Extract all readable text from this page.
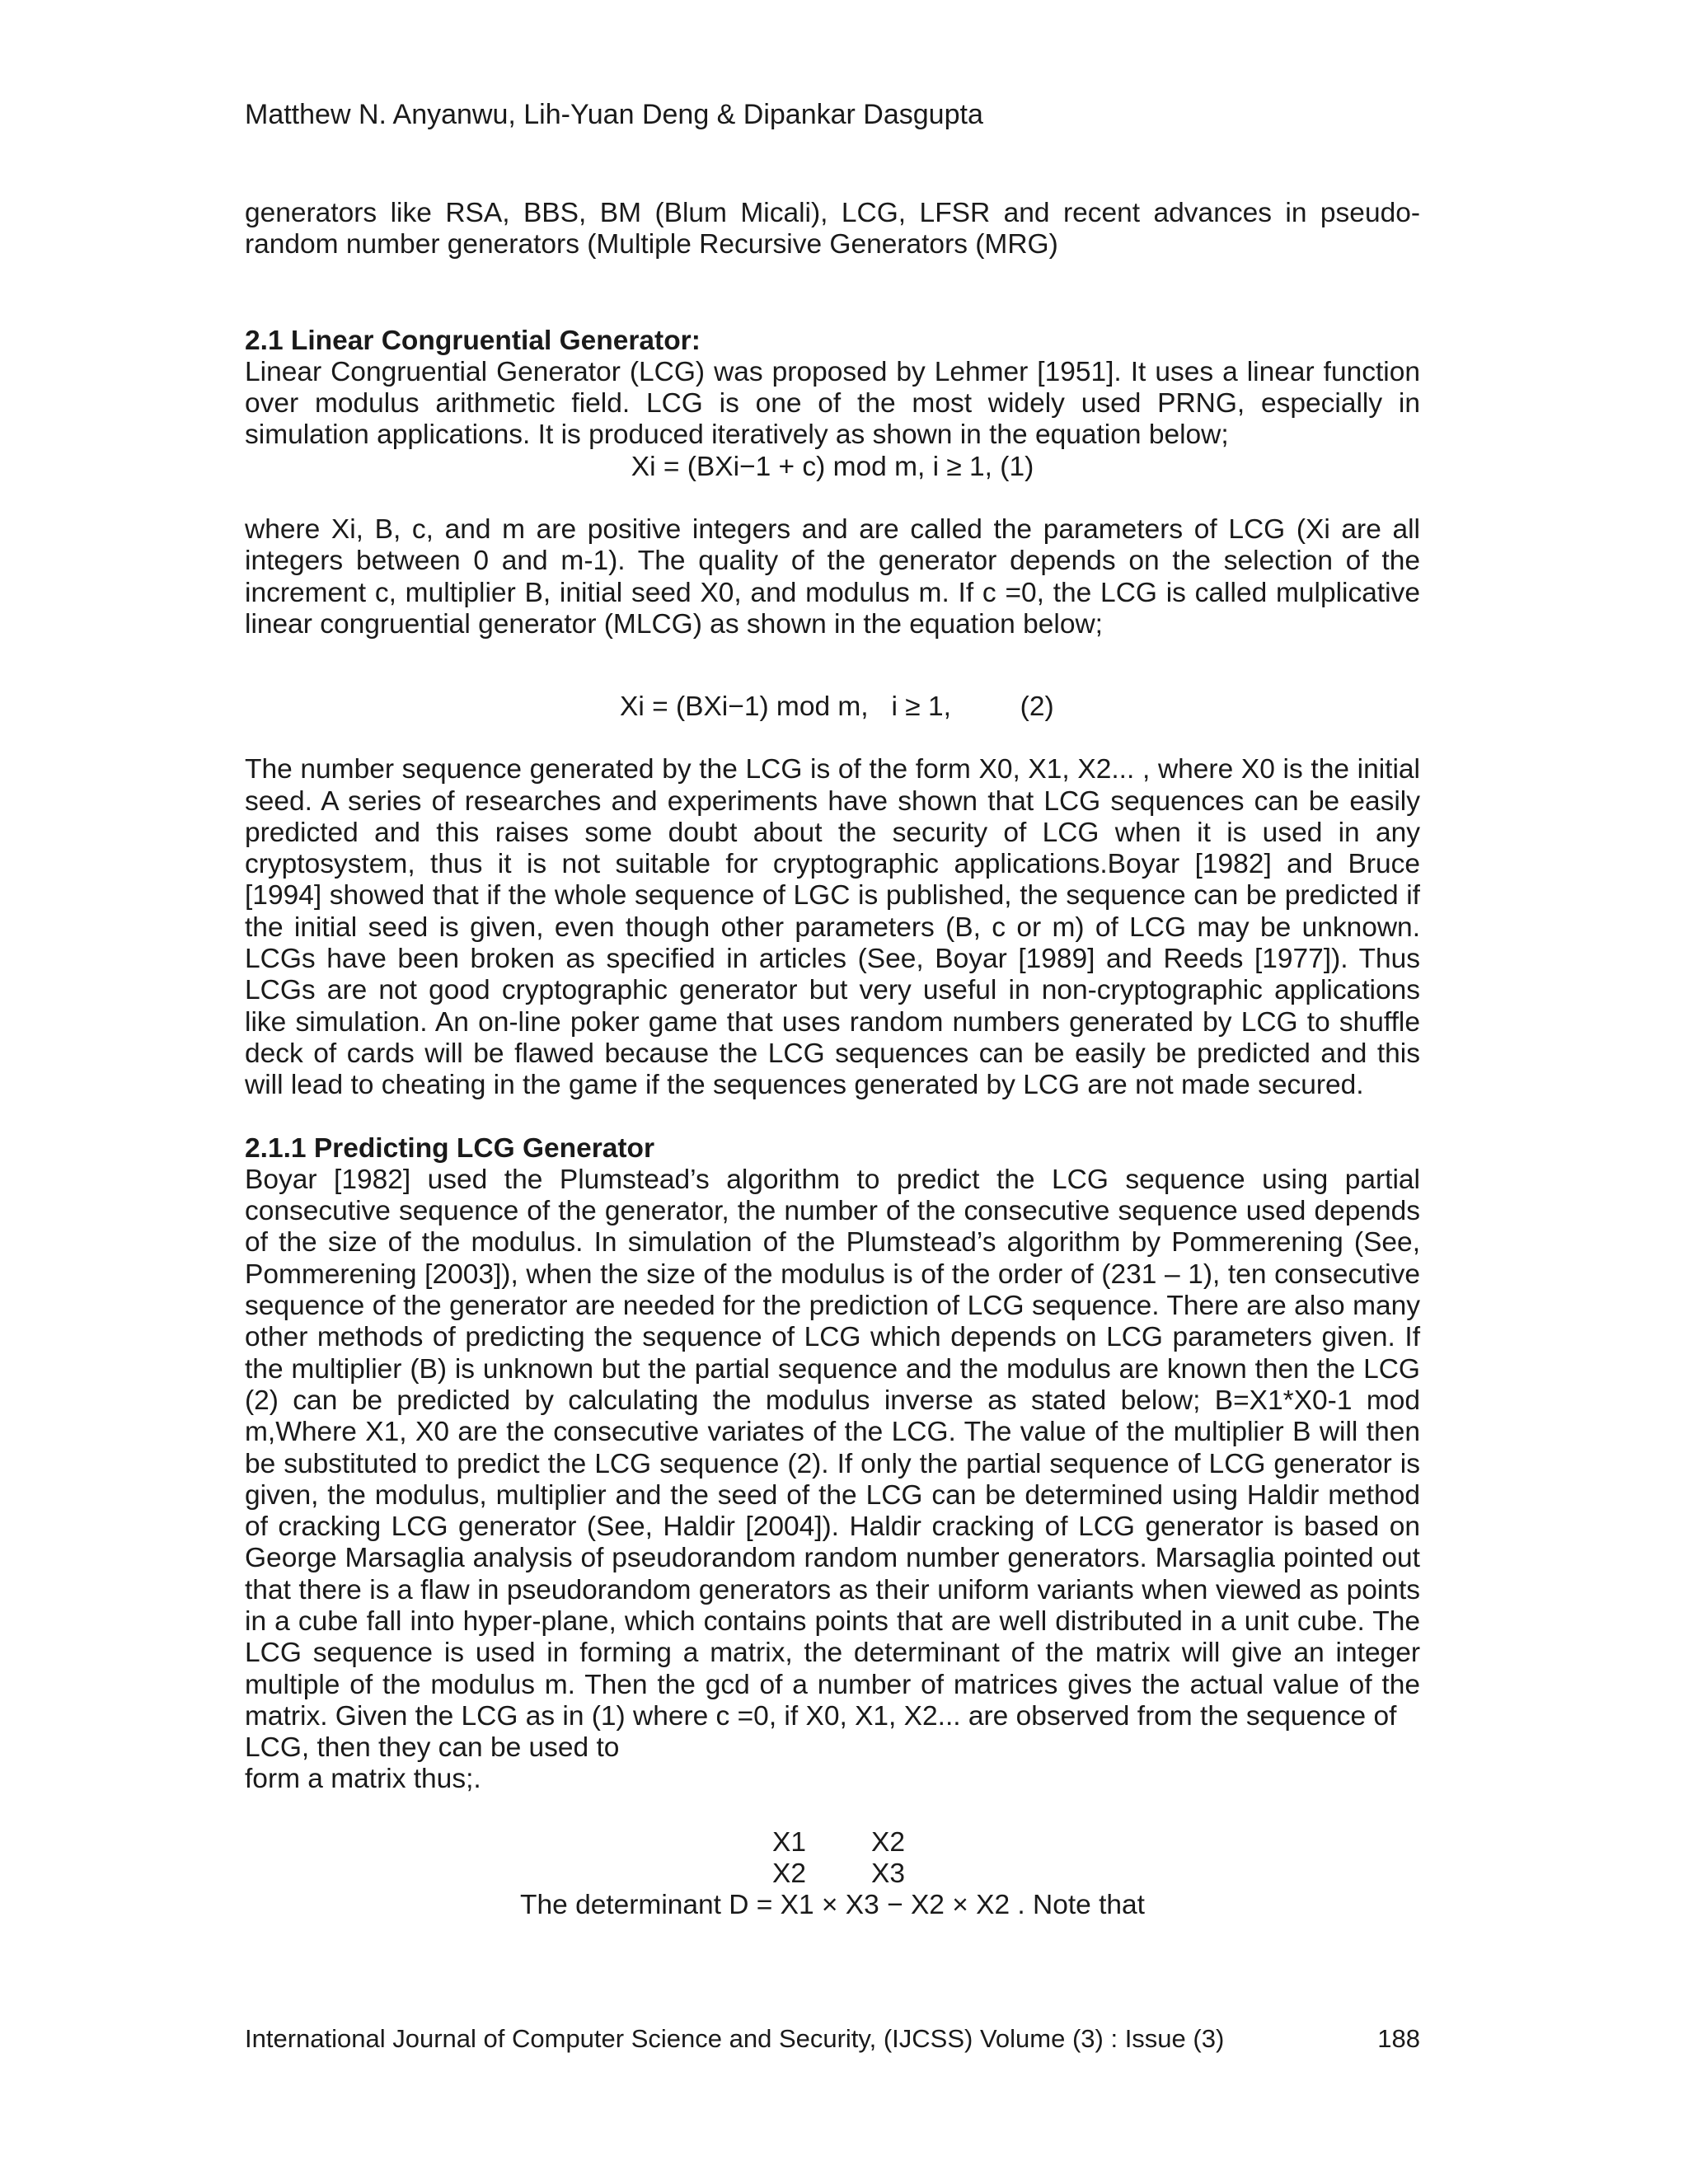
Matthew N. Anyanwu, Lih-Yuan Deng & Dipankar Dasgupta

generators like RSA, BBS, BM (Blum Micali), LCG, LFSR and recent advances in pseudo-random number generators (Multiple Recursive Generators (MRG)

2.1 Linear Congruential Generator:

Linear Congruential Generator (LCG) was proposed by Lehmer [1951]. It uses a linear function over modulus arithmetic field. LCG is one of the most widely used PRNG, especially in simulation applications. It is produced iteratively as shown in the equation below;

Xi = (BXi−1 + c) mod m, i ≥ 1, (1)

where Xi, B, c, and m are positive integers and are called the parameters of LCG (Xi are all integers between 0 and m-1). The quality of the generator depends on the selection of the increment c, multiplier B, initial seed X0, and modulus m. If c =0, the LCG is called mulplicative linear congruential generator (MLCG) as shown in the equation below;

Xi = (BXi−1) mod m,   i ≥ 1,         (2)

The number sequence generated by the LCG is of the form X0, X1, X2... , where X0 is the initial seed. A series of researches and experiments have shown that LCG sequences can be easily predicted and this raises some doubt about the security of LCG when it is used in any cryptosystem, thus it is not suitable for cryptographic applications.Boyar [1982] and Bruce [1994] showed that if the whole sequence of LGC is published, the sequence can be predicted if the initial seed is given, even though other parameters (B, c or m) of LCG may be unknown. LCGs have been broken as specified in articles (See, Boyar [1989] and Reeds [1977]). Thus LCGs are not good cryptographic generator but very useful in non-cryptographic applications like simulation. An on-line poker game that uses random numbers generated by LCG to shuffle deck of cards will be flawed because the LCG sequences can be easily be predicted and this will lead to cheating in the game if the sequences generated by LCG are not made secured.

2.1.1 Predicting LCG Generator

Boyar [1982] used the Plumstead’s algorithm to predict the LCG sequence using partial consecutive sequence of the generator, the number of the consecutive sequence used depends of the size of the modulus. In simulation of the Plumstead’s algorithm by Pommerening (See, Pommerening [2003]), when the size of the modulus is of the order of (231 – 1), ten consecutive sequence of the generator are needed for the prediction of LCG sequence. There are also many other methods of predicting the sequence of LCG which depends on LCG parameters given. If the multiplier (B) is unknown but the partial sequence and the modulus are known then the LCG (2) can be predicted by calculating the modulus inverse as stated below; B=X1*X0-1 mod m,Where X1, X0 are the consecutive variates of the LCG. The value of the multiplier B will then be substituted to predict the LCG sequence (2). If only the partial sequence of LCG generator is given, the modulus, multiplier and the seed of the LCG can be determined using Haldir method of cracking LCG generator (See, Haldir [2004]). Haldir cracking of LCG generator is based on George Marsaglia analysis of pseudorandom random number generators. Marsaglia pointed out that there is a flaw in pseudorandom generators as their uniform variants when viewed as points in a cube fall into hyper-plane, which contains points that are well distributed in a unit cube. The LCG sequence is used in forming a matrix, the determinant of the matrix will give an integer multiple of the modulus m. Then the gcd of a number of matrices gives the actual value of the matrix. Given the LCG as in (1) where c =0, if X0, X1, X2... are observed from the sequence of

LCG, then they can be used to

form a matrix thus;.

X1 X2
X2 X3

The determinant D = X1 × X3 − X2 × X2 . Note that

International Journal of Computer Science and Security, (IJCSS) Volume (3) : Issue (3)	188
